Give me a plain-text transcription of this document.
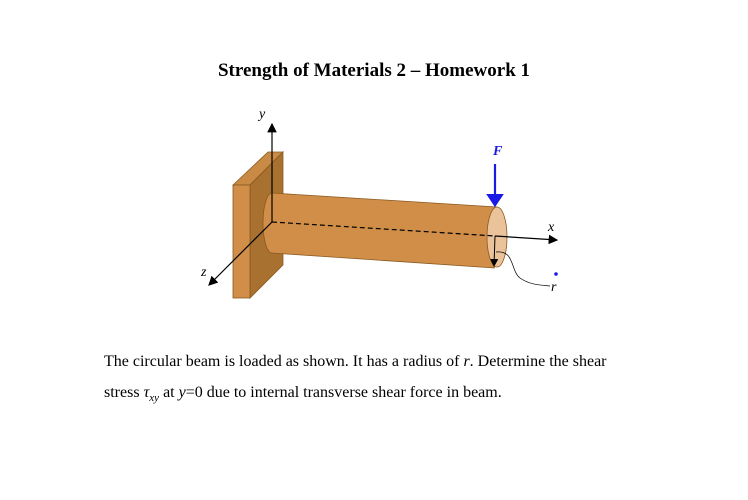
Strength of Materials 2 – Homework 1
y
x
z
F
r
The circular beam is loaded as shown. It has a radius of r. Determine the shear
stress $\tau_{xy}$ at y=0 due to internal transverse shear force in beam.
